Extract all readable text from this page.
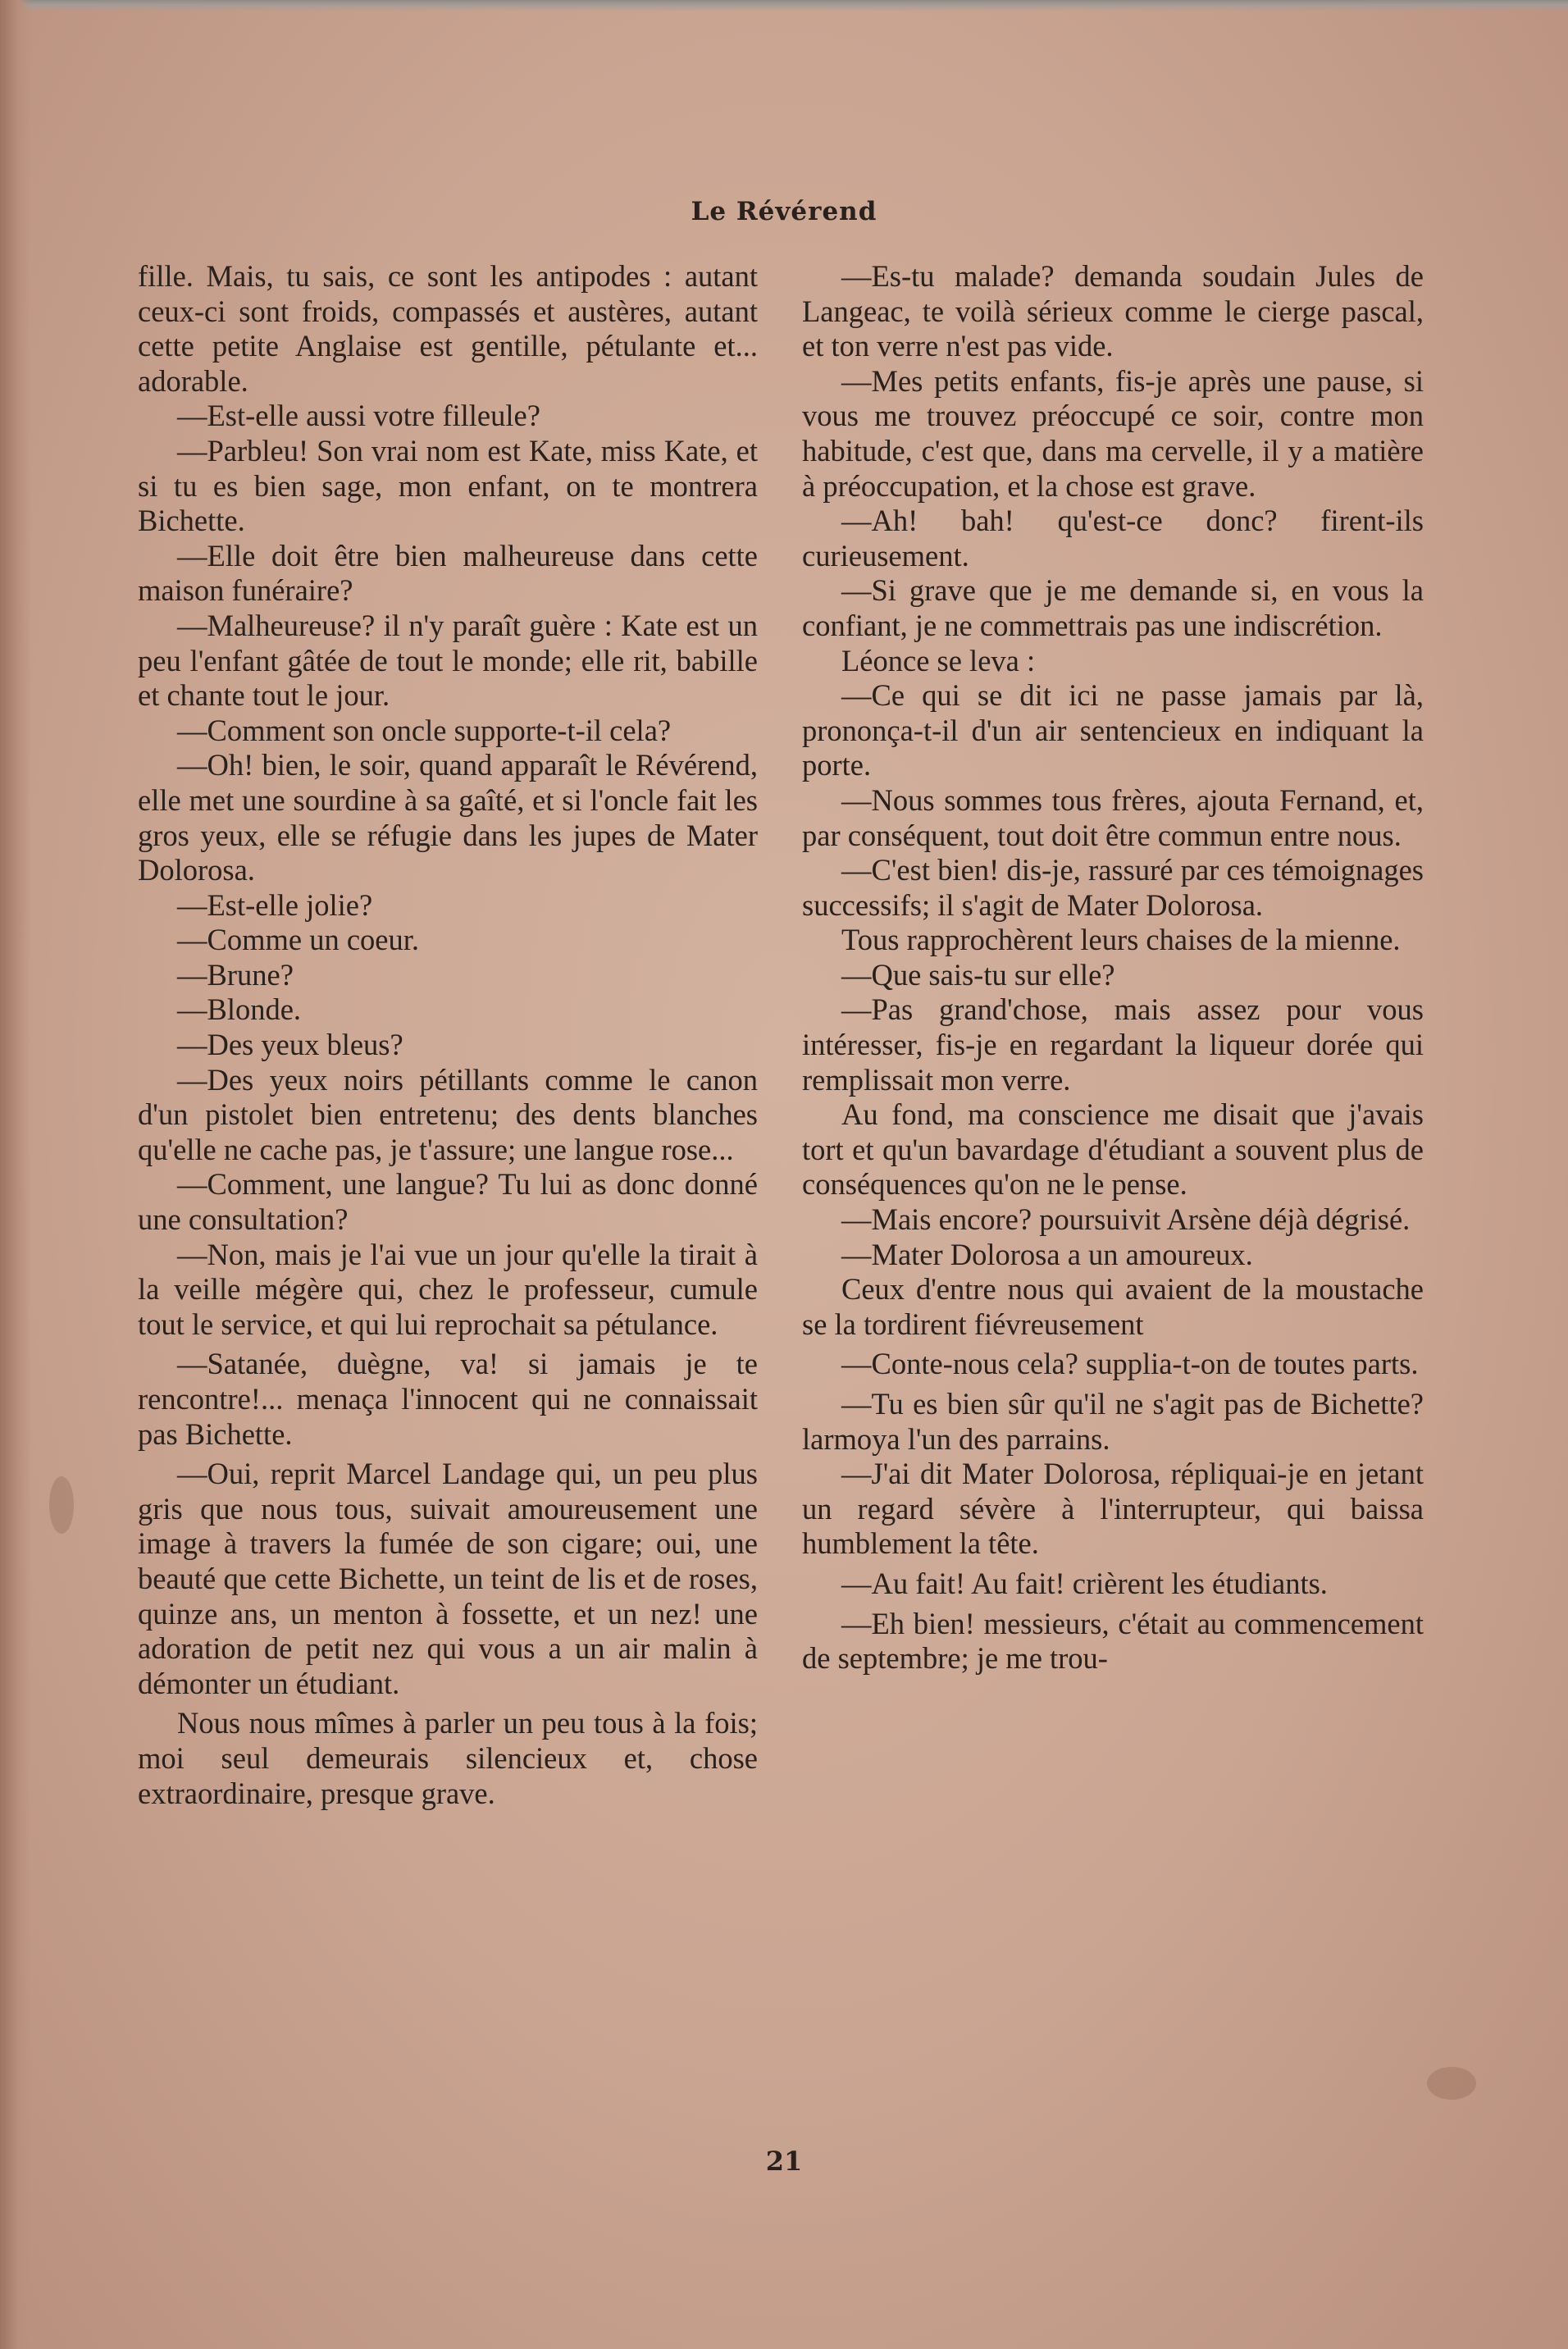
Le Révérend

fille. Mais, tu sais, ce sont les antipodes : autant ceux-ci sont froids, compassés et austères, autant cette petite Anglaise est gentille, pétulante et... adorable.

—Est-elle aussi votre filleule?

—Parbleu! Son vrai nom est Kate, miss Kate, et si tu es bien sage, mon enfant, on te montrera Bichette.

—Elle doit être bien malheureuse dans cette maison funéraire?

—Malheureuse? il n'y paraît guère : Kate est un peu l'enfant gâtée de tout le monde; elle rit, babille et chante tout le jour.

—Comment son oncle supporte-t-il cela?

—Oh! bien, le soir, quand apparaît le Révérend, elle met une sourdine à sa gaîté, et si l'oncle fait les gros yeux, elle se réfugie dans les jupes de Mater Dolorosa.

—Est-elle jolie?

—Comme un coeur.

—Brune?

—Blonde.

—Des yeux bleus?

—Des yeux noirs pétillants comme le canon d'un pistolet bien entretenu; des dents blanches qu'elle ne cache pas, je t'assure; une langue rose...

—Comment, une langue? Tu lui as donc donné une consultation?

—Non, mais je l'ai vue un jour qu'elle la tirait à la veille mégère qui, chez le professeur, cumule tout le service, et qui lui reprochait sa pétulance.

—Satanée, duègne, va! si jamais je te rencontre!... menaça l'innocent qui ne connaissait pas Bichette.

—Oui, reprit Marcel Landage qui, un peu plus gris que nous tous, suivait amoureusement une image à travers la fumée de son cigare; oui, une beauté que cette Bichette, un teint de lis et de roses, quinze ans, un menton à fossette, et un nez! une adoration de petit nez qui vous a un air malin à démonter un étudiant.

Nous nous mîmes à parler un peu tous à la fois; moi seul demeurais silencieux et, chose extraordinaire, presque grave.

—Es-tu malade? demanda soudain Jules de Langeac, te voilà sérieux comme le cierge pascal, et ton verre n'est pas vide.

—Mes petits enfants, fis-je après une pause, si vous me trouvez préoccupé ce soir, contre mon habitude, c'est que, dans ma cervelle, il y a matière à préoccupation, et la chose est grave.

—Ah! bah! qu'est-ce donc? firent-ils curieusement.

—Si grave que je me demande si, en vous la confiant, je ne commettrais pas une indiscrétion.

Léonce se leva :

—Ce qui se dit ici ne passe jamais par là, prononça-t-il d'un air sentencieux en indiquant la porte.

—Nous sommes tous frères, ajouta Fernand, et, par conséquent, tout doit être commun entre nous.

—C'est bien! dis-je, rassuré par ces témoignages successifs; il s'agit de Mater Dolorosa.

Tous rapprochèrent leurs chaises de la mienne.

—Que sais-tu sur elle?

—Pas grand'chose, mais assez pour vous intéresser, fis-je en regardant la liqueur dorée qui remplissait mon verre.

Au fond, ma conscience me disait que j'avais tort et qu'un bavardage d'étudiant a souvent plus de conséquences qu'on ne le pense.

—Mais encore? poursuivit Arsène déjà dégrisé.

—Mater Dolorosa a un amoureux.

Ceux d'entre nous qui avaient de la moustache se la tordirent fiévreusement

—Conte-nous cela? supplia-t-on de toutes parts.

—Tu es bien sûr qu'il ne s'agit pas de Bichette? larmoya l'un des parrains.

—J'ai dit Mater Dolorosa, répliquai-je en jetant un regard sévère à l'interrupteur, qui baissa humblement la tête.

—Au fait! Au fait! crièrent les étudiants.

—Eh bien! messieurs, c'était au commencement de septembre; je me trou-

21
